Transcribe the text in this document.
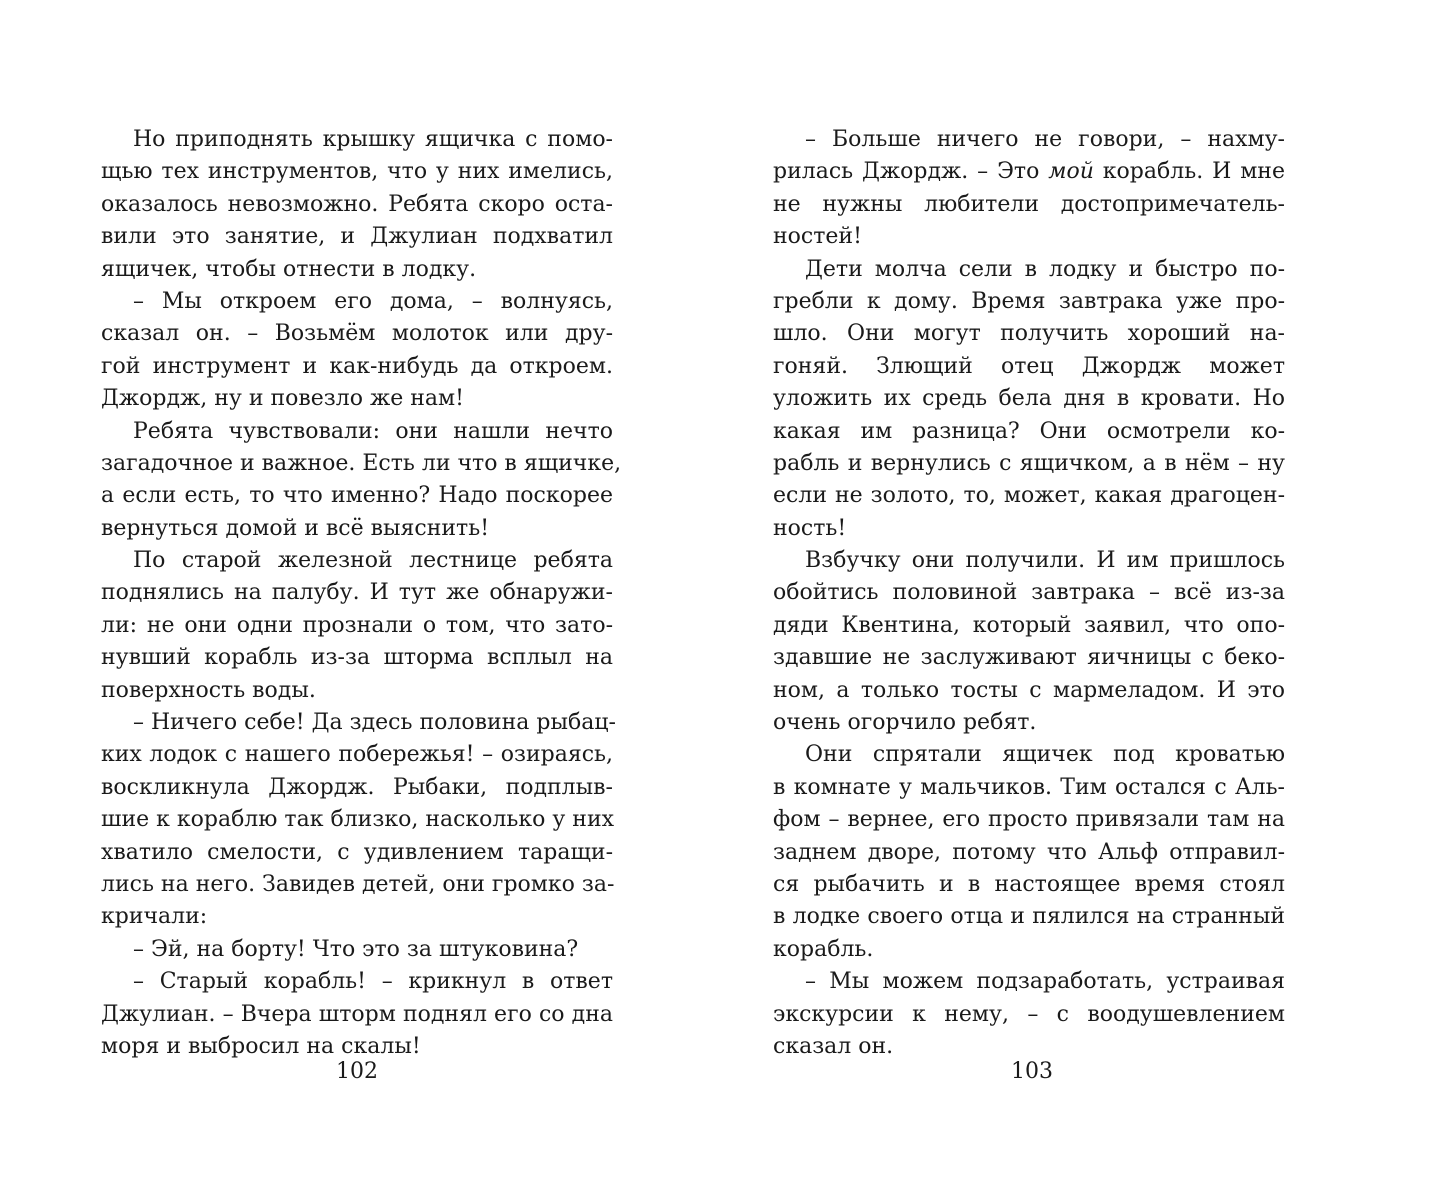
Но приподнять крышку ящичка с помо-
щью тех инструментов, что у них имелись,
оказалось невозможно. Ребята скоро оста-
вили это занятие, и Джулиан подхватил
ящичек, чтобы отнести в лодку.
– Мы откроем его дома, – волнуясь,
сказал он. – Возьмём молоток или дру-
гой инструмент и как-нибудь да откроем.
Джордж, ну и повезло же нам!
Ребята чувствовали: они нашли нечто
загадочное и важное. Есть ли что в ящичке,
а если есть, то что именно? Надо поскорее
вернуться домой и всё выяснить!
По старой железной лестнице ребята
поднялись на палубу. И тут же обнаружи-
ли: не они одни прознали о том, что зато-
нувший корабль из-за шторма всплыл на
поверхность воды.
– Ничего себе! Да здесь половина рыбац-
ких лодок с нашего побережья! – озираясь,
воскликнула Джордж. Рыбаки, подплыв-
шие к кораблю так близко, насколько у них
хватило смелости, с удивлением таращи-
лись на него. Завидев детей, они громко за-
кричали:
– Эй, на борту! Что это за штуковина?
– Старый корабль! – крикнул в ответ
Джулиан. – Вчера шторм поднял его со дна
моря и выбросил на скалы!
102
– Больше ничего не говори, – нахму-
рилась Джордж. – Это мой корабль. И мне
не нужны любители достопримечатель-
ностей!
Дети молча сели в лодку и быстро по-
гребли к дому. Время завтрака уже про-
шло. Они могут получить хороший на-
гоняй. Злющий отец Джордж может
уложить их средь бела дня в кровати. Но
какая им разница? Они осмотрели ко-
рабль и вернулись с ящичком, а в нём – ну
если не золото, то, может, какая драгоцен-
ность!
Взбучку они получили. И им пришлось
обойтись половиной завтрака – всё из-за
дяди Квентина, который заявил, что опо-
здавшие не заслуживают яичницы с беко-
ном, а только тосты с мармеладом. И это
очень огорчило ребят.
Они спрятали ящичек под кроватью
в комнате у мальчиков. Тим остался с Аль-
фом – вернее, его просто привязали там на
заднем дворе, потому что Альф отправил-
ся рыбачить и в настоящее время стоял
в лодке своего отца и пялился на странный
корабль.
– Мы можем подзаработать, устраивая
экскурсии к нему, – с воодушевлением
сказал он.
103
